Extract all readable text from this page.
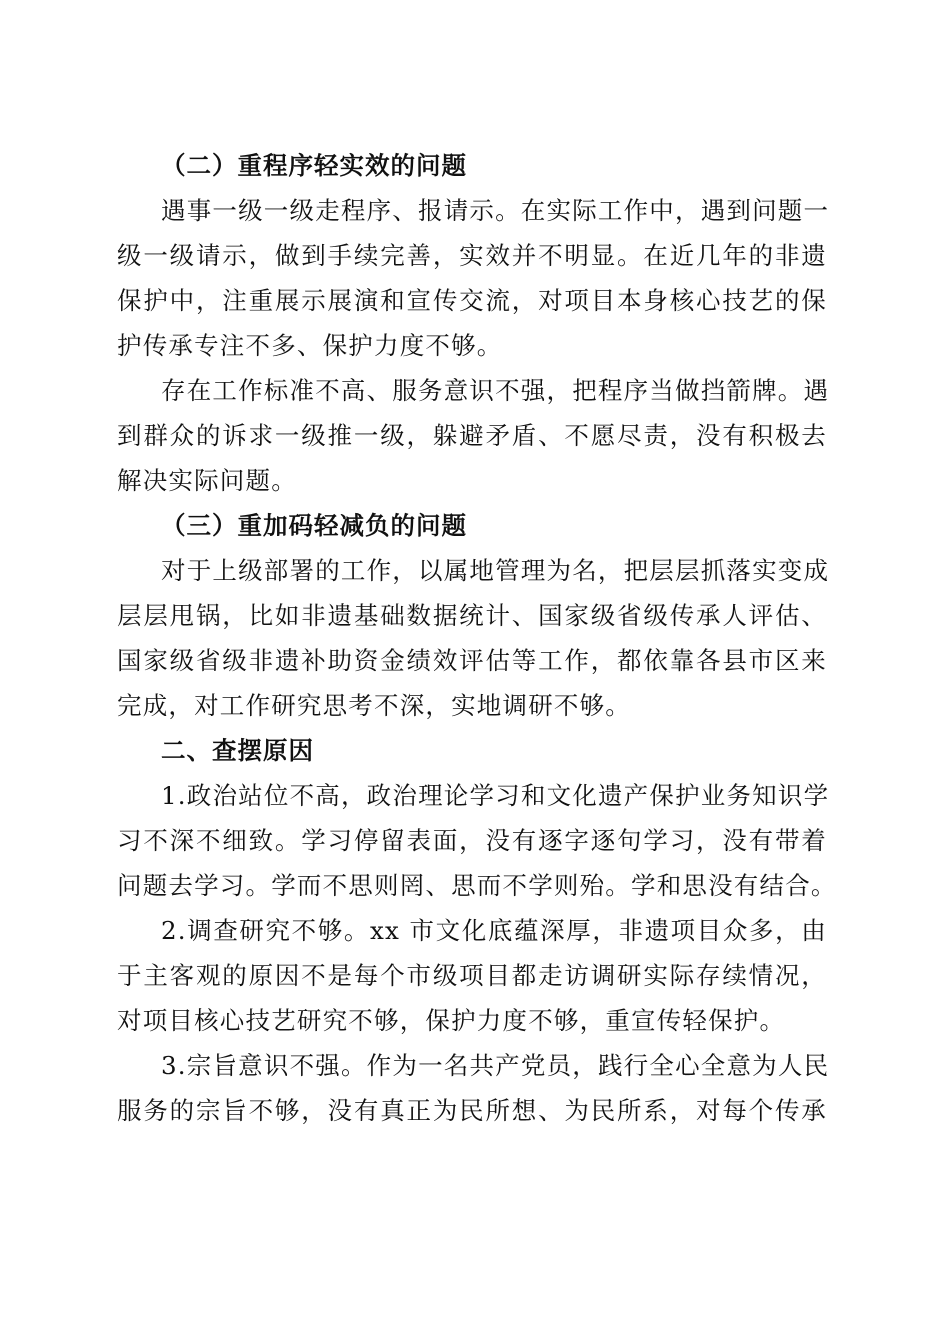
（二）重程序轻实效的问题
遇事一级一级走程序、报请示。在实际工作中，遇到问题一
级一级请示，做到手续完善，实效并不明显。在近几年的非遗
保护中，注重展示展演和宣传交流，对项目本身核心技艺的保
护传承专注不多、保护力度不够。
存在工作标准不高、服务意识不强，把程序当做挡箭牌。遇
到群众的诉求一级推一级，躲避矛盾、不愿尽责，没有积极去
解决实际问题。
（三）重加码轻减负的问题
对于上级部署的工作，以属地管理为名，把层层抓落实变成
层层甩锅，比如非遗基础数据统计、国家级省级传承人评估、
国家级省级非遗补助资金绩效评估等工作，都依靠各县市区来
完成，对工作研究思考不深，实地调研不够。
二、查摆原因
1.政治站位不高，政治理论学习和文化遗产保护业务知识学
习不深不细致。学习停留表面，没有逐字逐句学习，没有带着
问题去学习。学而不思则罔、思而不学则殆。学和思没有结合。
2.调查研究不够。xx 市文化底蕴深厚，非遗项目众多，由
于主客观的原因不是每个市级项目都走访调研实际存续情况，
对项目核心技艺研究不够，保护力度不够，重宣传轻保护。
3.宗旨意识不强。作为一名共产党员，践行全心全意为人民
服务的宗旨不够，没有真正为民所想、为民所系，对每个传承
